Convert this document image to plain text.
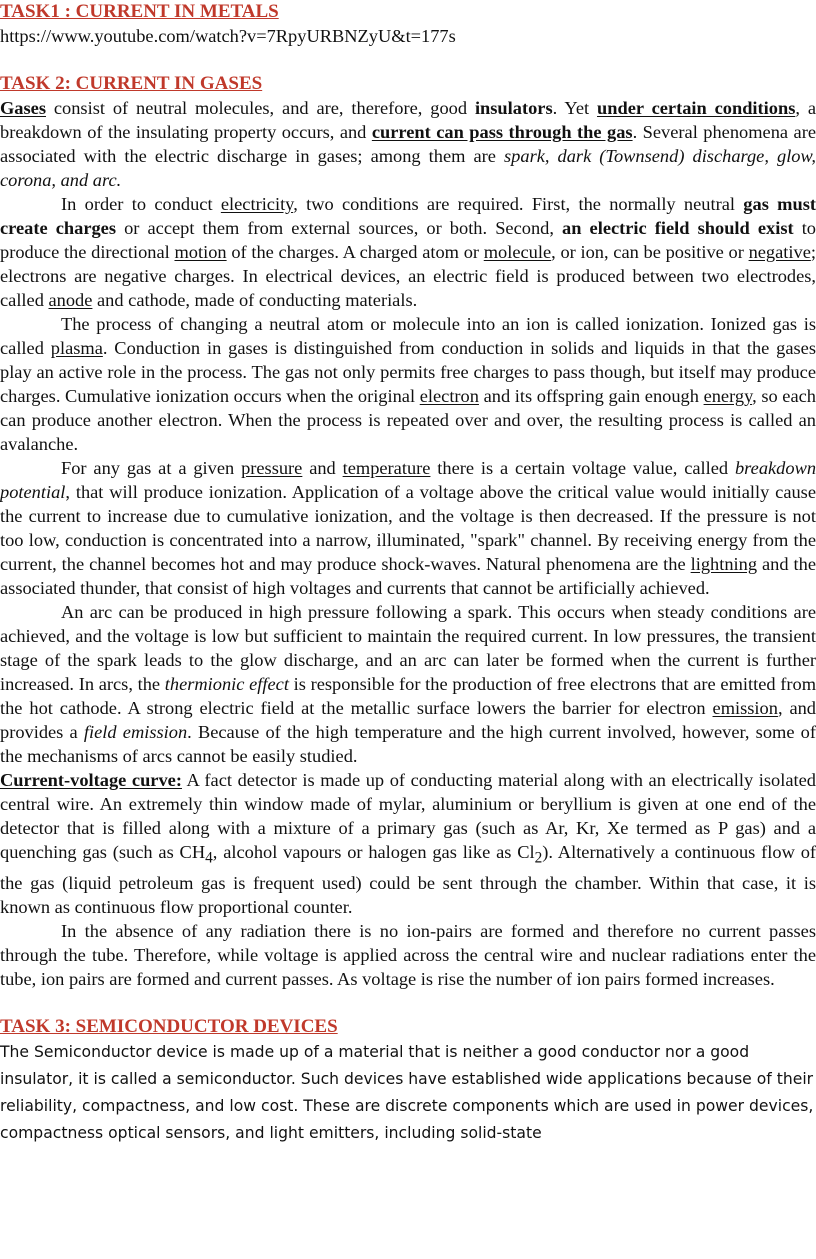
TASK1 : CURRENT IN METALS
https://www.youtube.com/watch?v=7RpyURBNZyU&t=177s
TASK 2: CURRENT IN GASES

Gases consist of neutral molecules, and are, therefore, good insulators. Yet under certain conditions, a breakdown of the insulating property occurs, and current can pass through the gas. Several phenomena are associated with the electric discharge in gases; among them are spark, dark (Townsend) discharge, glow, corona, and arc.

In order to conduct electricity, two conditions are required. First, the normally neutral gas must create charges or accept them from external sources, or both. Second, an electric field should exist to produce the directional motion of the charges. A charged atom or molecule, or ion, can be positive or negative; electrons are negative charges. In electrical devices, an electric field is produced between two electrodes, called anode and cathode, made of conducting materials.

The process of changing a neutral atom or molecule into an ion is called ionization. Ionized gas is called plasma. Conduction in gases is distinguished from conduction in solids and liquids in that the gases play an active role in the process. The gas not only permits free charges to pass though, but itself may produce charges. Cumulative ionization occurs when the original electron and its offspring gain enough energy, so each can produce another electron. When the process is repeated over and over, the resulting process is called an avalanche.

For any gas at a given pressure and temperature there is a certain voltage value, called breakdown potential, that will produce ionization. Application of a voltage above the critical value would initially cause the current to increase due to cumulative ionization, and the voltage is then decreased. If the pressure is not too low, conduction is concentrated into a narrow, illuminated, "spark" channel. By receiving energy from the current, the channel becomes hot and may produce shock-waves. Natural phenomena are the lightning and the associated thunder, that consist of high voltages and currents that cannot be artificially achieved.

An arc can be produced in high pressure following a spark. This occurs when steady conditions are achieved, and the voltage is low but sufficient to maintain the required current. In low pressures, the transient stage of the spark leads to the glow discharge, and an arc can later be formed when the current is further increased. In arcs, the thermionic effect is responsible for the production of free electrons that are emitted from the hot cathode. A strong electric field at the metallic surface lowers the barrier for electron emission, and provides a field emission. Because of the high temperature and the high current involved, however, some of the mechanisms of arcs cannot be easily studied.

Current-voltage curve: A fact detector is made up of conducting material along with an electrically isolated central wire. An extremely thin window made of mylar, aluminium or beryllium is given at one end of the detector that is filled along with a mixture of a primary gas (such as Ar, Kr, Xe termed as P gas) and a quenching gas (such as $CH_4$, alcohol vapours or halogen gas like as $Cl_2$). Alternatively a continuous flow of the gas (liquid petroleum gas is frequent used) could be sent through the chamber. Within that case, it is known as continuous flow proportional counter.

In the absence of any radiation there is no ion-pairs are formed and therefore no current passes through the tube. Therefore, while voltage is applied across the central wire and nuclear radiations enter the tube, ion pairs are formed and current passes. As voltage is rise the number of ion pairs formed increases.

TASK 3: SEMICONDUCTOR DEVICES

The Semiconductor device is made up of a material that is neither a good conductor nor a good insulator, it is called a semiconductor. Such devices have established wide applications because of their reliability, compactness, and low cost. These are discrete components which are used in power devices, compactness optical sensors, and light emitters, including solid-state
